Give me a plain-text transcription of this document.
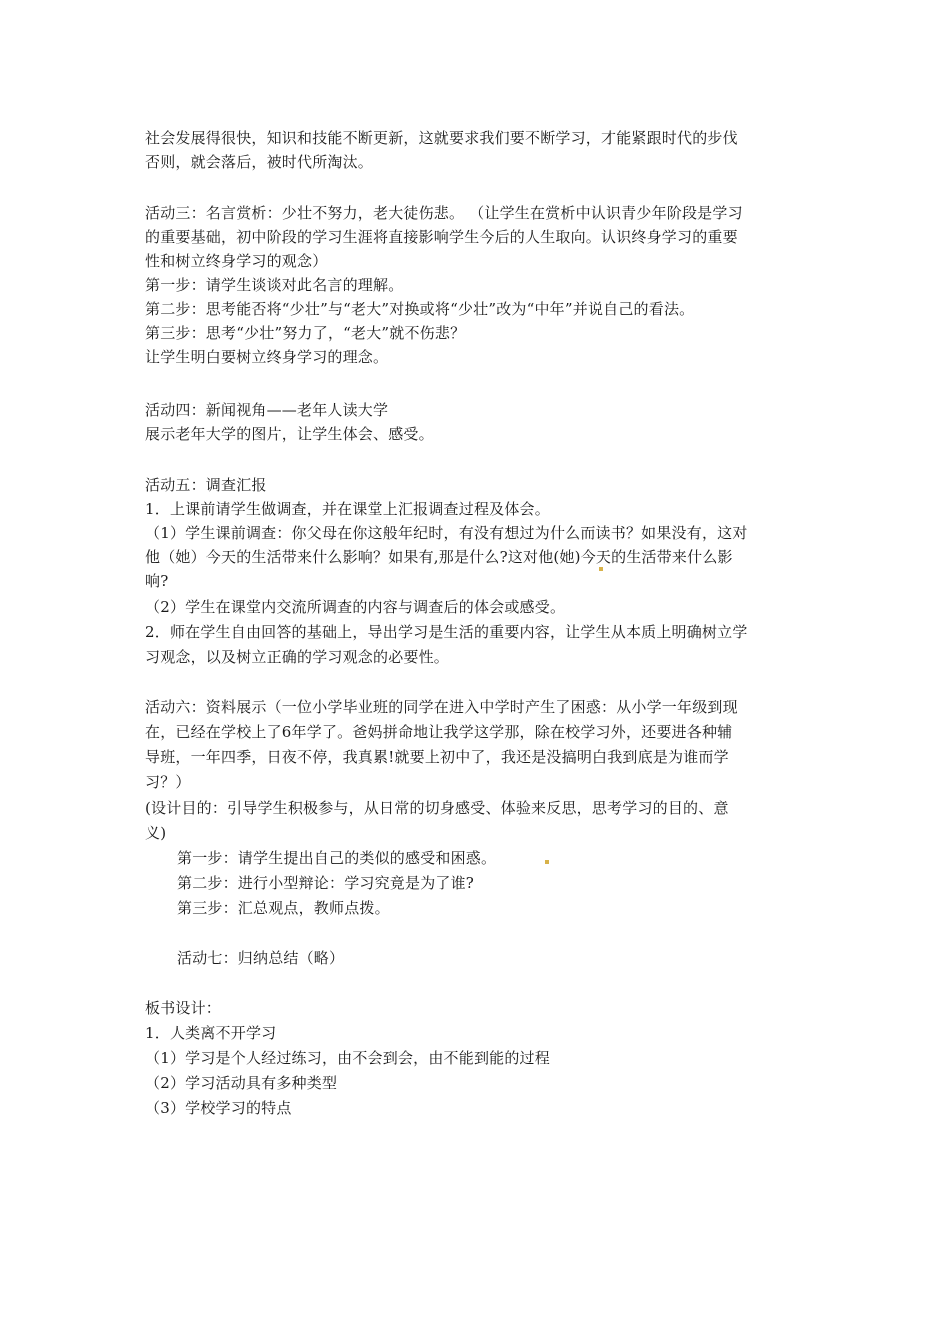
社会发展得很快，知识和技能不断更新，这就要求我们要不断学习，才能紧跟时代的步伐
否则，就会落后，被时代所淘汰。
活动三：名言赏析：少壮不努力，老大徒伤悲。 （让学生在赏析中认识青少年阶段是学习
的重要基础，初中阶段的学习生涯将直接影响学生今后的人生取向。认识终身学习的重要
性和树立终身学习的观念）
第一步：请学生谈谈对此名言的理解。
第二步：思考能否将“少壮”与“老大”对换或将“少壮”改为“中年”并说自己的看法。
第三步：思考“少壮”努力了，“老大”就不伤悲？
让学生明白要树立终身学习的理念。
活动四：新闻视角——老年人读大学
展示老年大学的图片，让学生体会、感受。
活动五：调查汇报
1．上课前请学生做调查，并在课堂上汇报调查过程及体会。
（1）学生课前调查：你父母在你这般年纪时，有没有想过为什么而读书？如果没有，这对
他（她）今天的生活带来什么影响？如果有,那是什么?这对他(她)今天的生活带来什么影
响?
（2）学生在课堂内交流所调查的内容与调查后的体会或感受。
2．师在学生自由回答的基础上，导出学习是生活的重要内容，让学生从本质上明确树立学
习观念，以及树立正确的学习观念的必要性。
活动六：资料展示（一位小学毕业班的同学在进入中学时产生了困惑：从小学一年级到现
在，已经在学校上了6年学了。爸妈拼命地让我学这学那，除在校学习外，还要进各种辅
导班，一年四季，日夜不停，我真累!就要上初中了，我还是没搞明白我到底是为谁而学
习？）
(设计目的：引导学生积极参与，从日常的切身感受、体验来反思，思考学习的目的、意
义)
第一步：请学生提出自己的类似的感受和困惑。
第二步：进行小型辩论：学习究竟是为了谁?
第三步：汇总观点，教师点拨。
活动七：归纳总结（略）
板书设计：
1．人类离不开学习
（1）学习是个人经过练习，由不会到会，由不能到能的过程
（2）学习活动具有多种类型
（3）学校学习的特点
